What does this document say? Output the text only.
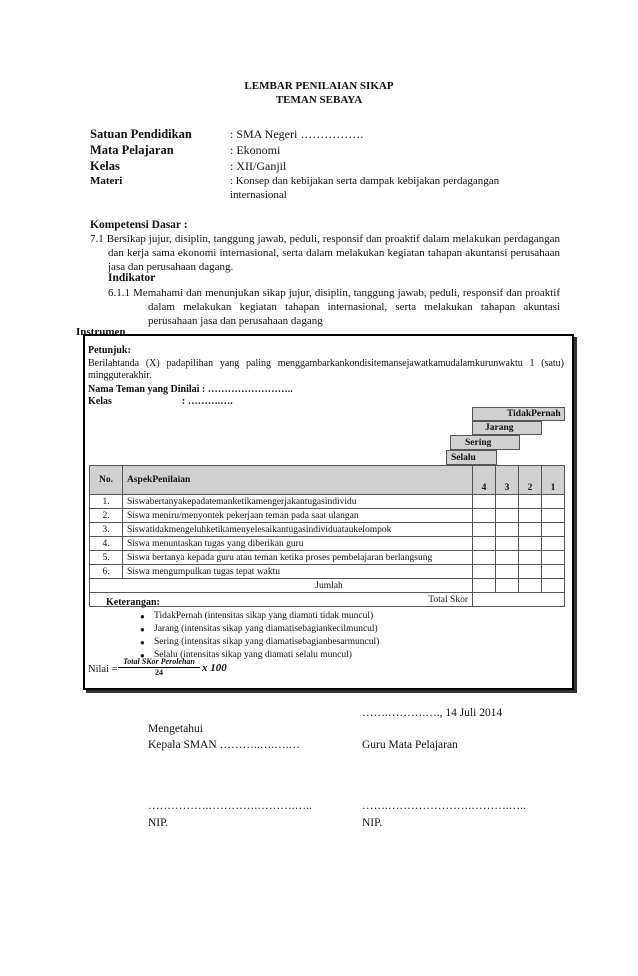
LEMBAR PENILAIAN SIKAP
TEMAN SEBAYA
Satuan Pendidikan	: SMA Negeri …………….
Mata Pelajaran	: Ekonomi
Kelas	: XII/Ganjil
Materi	: Konsep dan kebijakan serta dampak kebijakan perdagangan internasional
Kompetensi Dasar :
7.1 Bersikap jujur, disiplin, tanggung jawab, peduli, responsif dan proaktif dalam melakukan perdagangan dan kerja sama ekonomi internasional, serta dalam melakukan kegiatan tahapan akuntansi perusahaan jasa dan perusahaan dagang.
Indikator
6.1.1 Memahami dan menunjukan sikap jujur, disiplin, tanggung jawab, peduli, responsif dan proaktif dalam melakukan kegiatan tahapan internasional, serta melakukan tahapan akuntasi perusahaan jasa dan perusahaan dagang
Instrumen
Petunjuk:
Berilahtanda (X) padapilihan yang paling menggambarkankondisitemansejawatkamudalamkurunwaktu 1 (satu) mingguterakhir.
Nama Teman yang Dinilai : ……………………..
Kelas                            : ……….….
TidakPernah
Jarang
Sering
Selalu
No.	AspekPenilaian	4	3	2	1
1.	Siswabertanyakepadatemanketikamengerjakantugasindividu				
2.	Siswa meniru/menyontek pekerjaan teman pada saat ulangan				
3.	Siswatidakmengeluhketikamenyelesaikantugasindividuataukelompok				
4.	Siswa menuntaskan tugas yang diberikan guru				
5.	Siswa bertanya kepada guru atau teman ketika proses pembelajaran berlangsung				
6.	Siswa mengumpulkan tugas tepat waktu				
Jumlah					
Total Skor					
Keterangan:
● TidakPernah (intensitas sikap yang diamati tidak muncul)
● Jarang (intensitas sikap yang diamatisebagiankecilmuncul)
● Sering (intensitas sikap yang diamatisebagianbesarmuncul)
● Selalu (intensitas sikap yang diamati selalu muncul)
Nilai =
Total SKor Perolehan
24	x 100
…….……….…., 14 Juli 2014
Mengetahui
Kepala SMAN ………..….….…	Guru Mata Pelajaran
…………….………….……….…..	…….………………….……….…..
NIP.	NIP.
